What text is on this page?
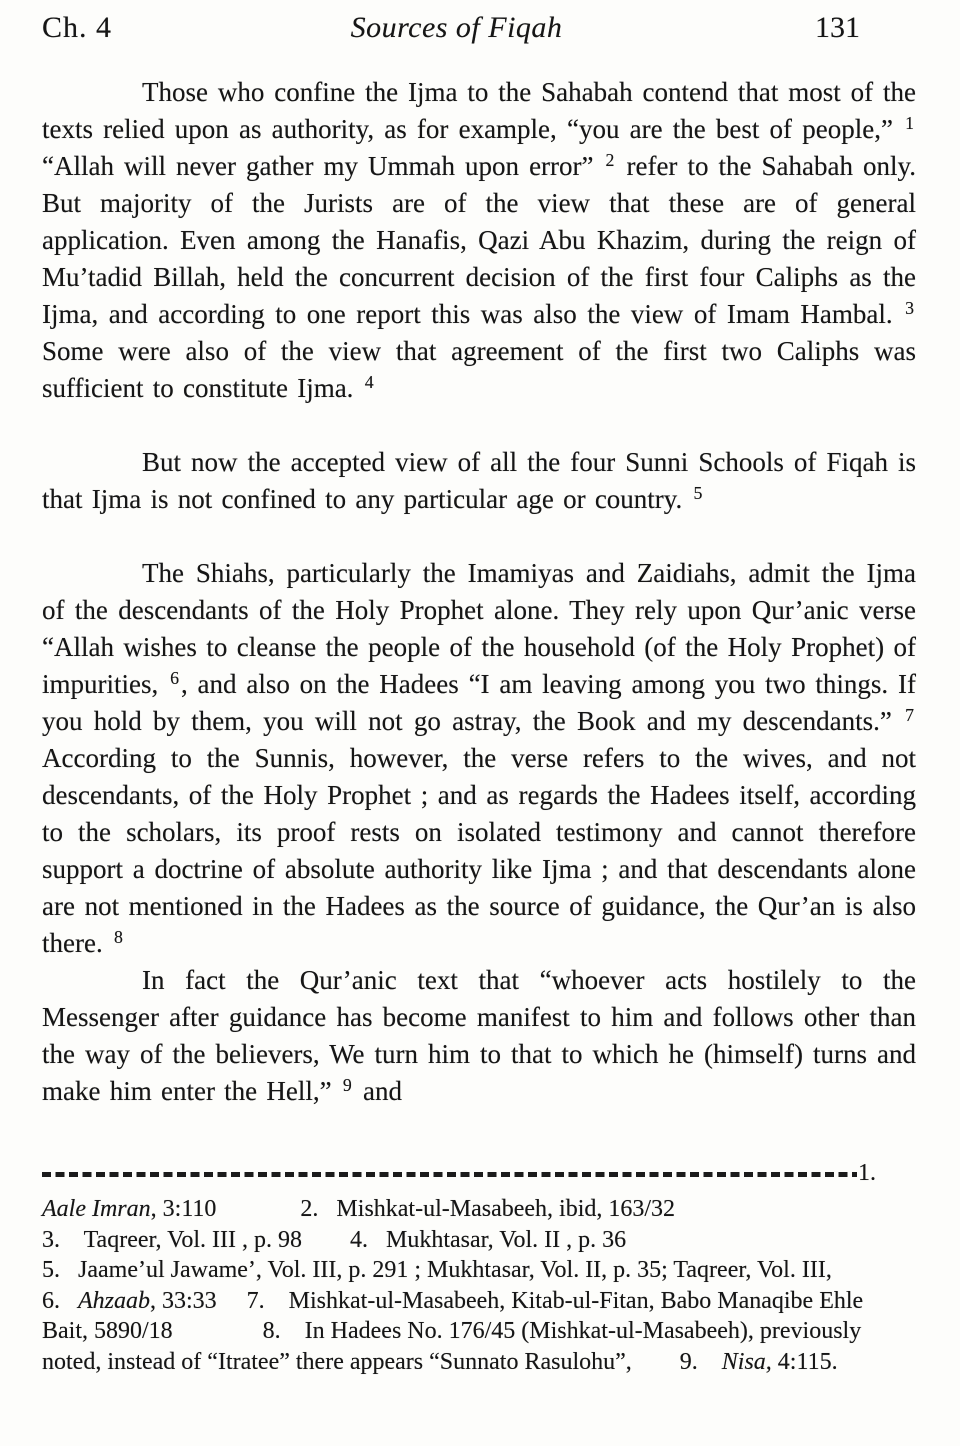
Ch. 4	Sources of Fiqah	131

Those who confine the Ijma to the Sahabah contend that most of the texts relied upon as authority, as for example, “you are the best of people,” $^1$ “Allah will never gather my Ummah upon error” $^2$ refer to the Sahabah only. But majority of the Jurists are of the view that these are of general application. Even among the Hanafis, Qazi Abu Khazim, during the reign of Mu’tadid Billah, held the concurrent decision of the first four Caliphs as the Ijma, and according to one report this was also the view of Imam Hambal. $^3$ Some were also of the view that agreement of the first two Caliphs was sufficient to constitute Ijma. $^4$

But now the accepted view of all the four Sunni Schools of Fiqah is that Ijma is not confined to any particular age or country. $^5$

The Shiahs, particularly the Imamiyas and Zaidiahs, admit the Ijma of the descendants of the Holy Prophet alone. They rely upon Qur’anic verse “Allah wishes to cleanse the people of the household (of the Holy Prophet) of impurities, $^6$, and also on the Hadees “I am leaving among you two things. If you hold by them, you will not go astray, the Book and my descendants.” $^7$ According to the Sunnis, however, the verse refers to the wives, and not descendants, of the Holy Prophet ; and as regards the Hadees itself, according to the scholars, its proof rests on isolated testimony and cannot therefore support a doctrine of absolute authority like Ijma ; and that descendants alone are not mentioned in the Hadees as the source of guidance, the Qur’an is also there. $^8$

In fact the Qur’anic text that “whoever acts hostilely to the Messenger after guidance has become manifest to him and follows other than the way of the believers, We turn him to that to which he (himself) turns and make him enter the Hell,” $^9$ and

1.
Aale Imran, 3:110              2.   Mishkat-ul-Masabeeh, ibid, 163/32
3.    Taqreer, Vol. III , p. 98        4.   Mukhtasar, Vol. II , p. 36
5.   Jaame’ul Jawame’, Vol. III, p. 291 ; Mukhtasar, Vol. II, p. 35; Taqreer, Vol. III,
6.   Ahzaab, 33:33     7.    Mishkat-ul-Masabeeh, Kitab-ul-Fitan, Babo Manaqibe Ehle
Bait, 5890/18               8.    In Hadees No. 176/45 (Mishkat-ul-Masabeeh), previously
noted, instead of “Itratee” there appears “Sunnato Rasulohu”,        9.    Nisa, 4:115.
